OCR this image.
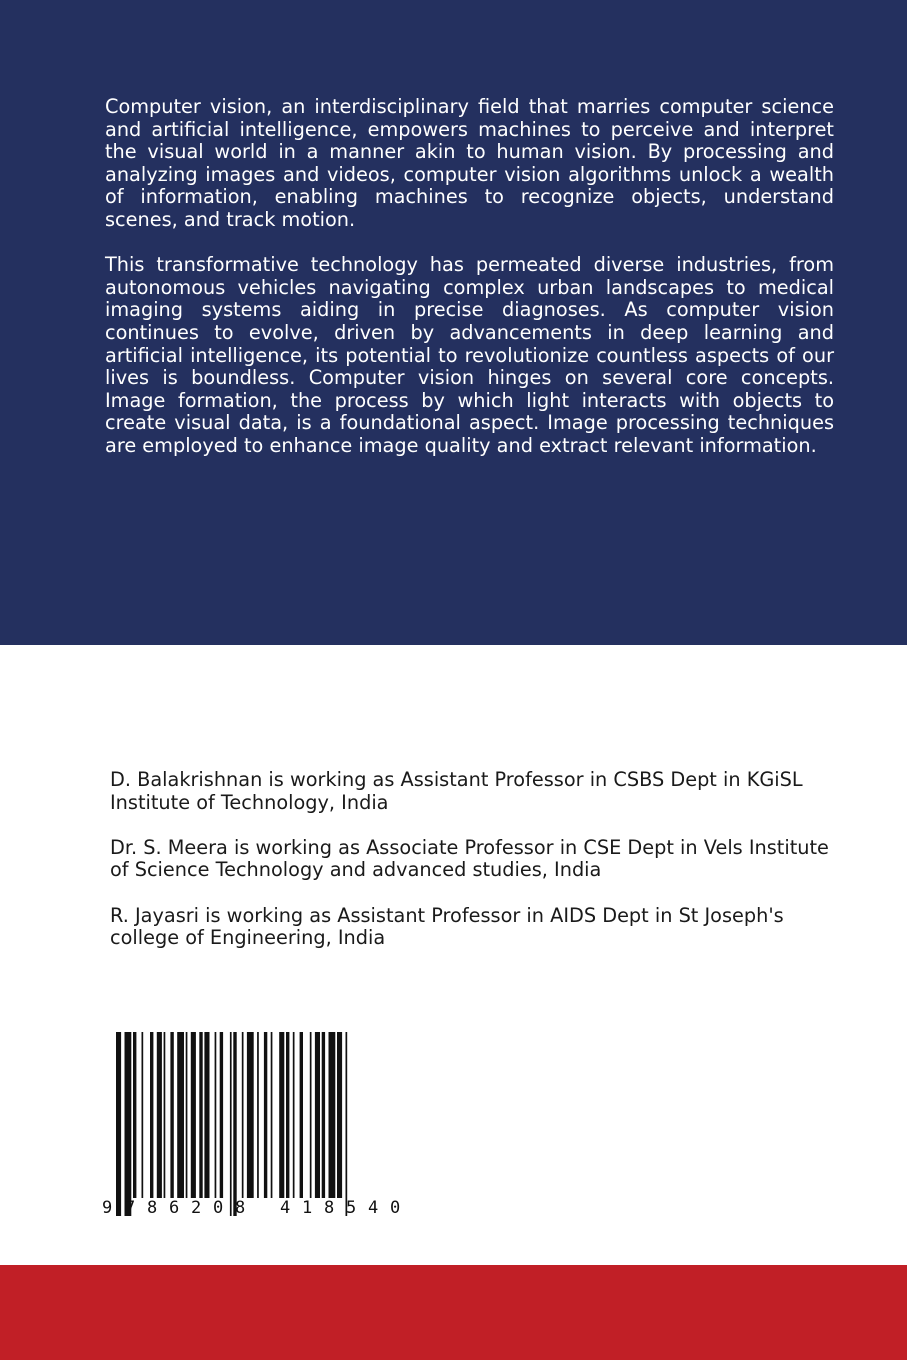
Computer vision, an interdisciplinary field that marries computer science and artificial intelligence, empowers machines to perceive and interpret the visual world in a manner akin to human vision. By processing and analyzing images and videos, computer vision algorithms unlock a wealth of information, enabling machines to recognize objects, understand scenes, and track motion.

This transformative technology has permeated diverse industries, from autonomous vehicles navigating complex urban landscapes to medical imaging systems aiding in precise diagnoses. As computer vision continues to evolve, driven by advancements in deep learning and artificial intelligence, its potential to revolutionize countless aspects of our lives is boundless. Computer vision hinges on several core concepts. Image formation, the process by which light interacts with objects to create visual data, is a foundational aspect. Image processing techniques are employed to enhance image quality and extract relevant information.

D. Balakrishnan is working as Assistant Professor in CSBS Dept in KGiSL Institute of Technology, India

Dr. S. Meera is working as Associate Professor in CSE Dept in Vels Institute of Science Technology and advanced studies, India

R. Jayasri is working as Assistant Professor in AIDS Dept in St Joseph's college of Engineering, India

9 7 8 6 2 0 8 4 1 8 5 4 0
